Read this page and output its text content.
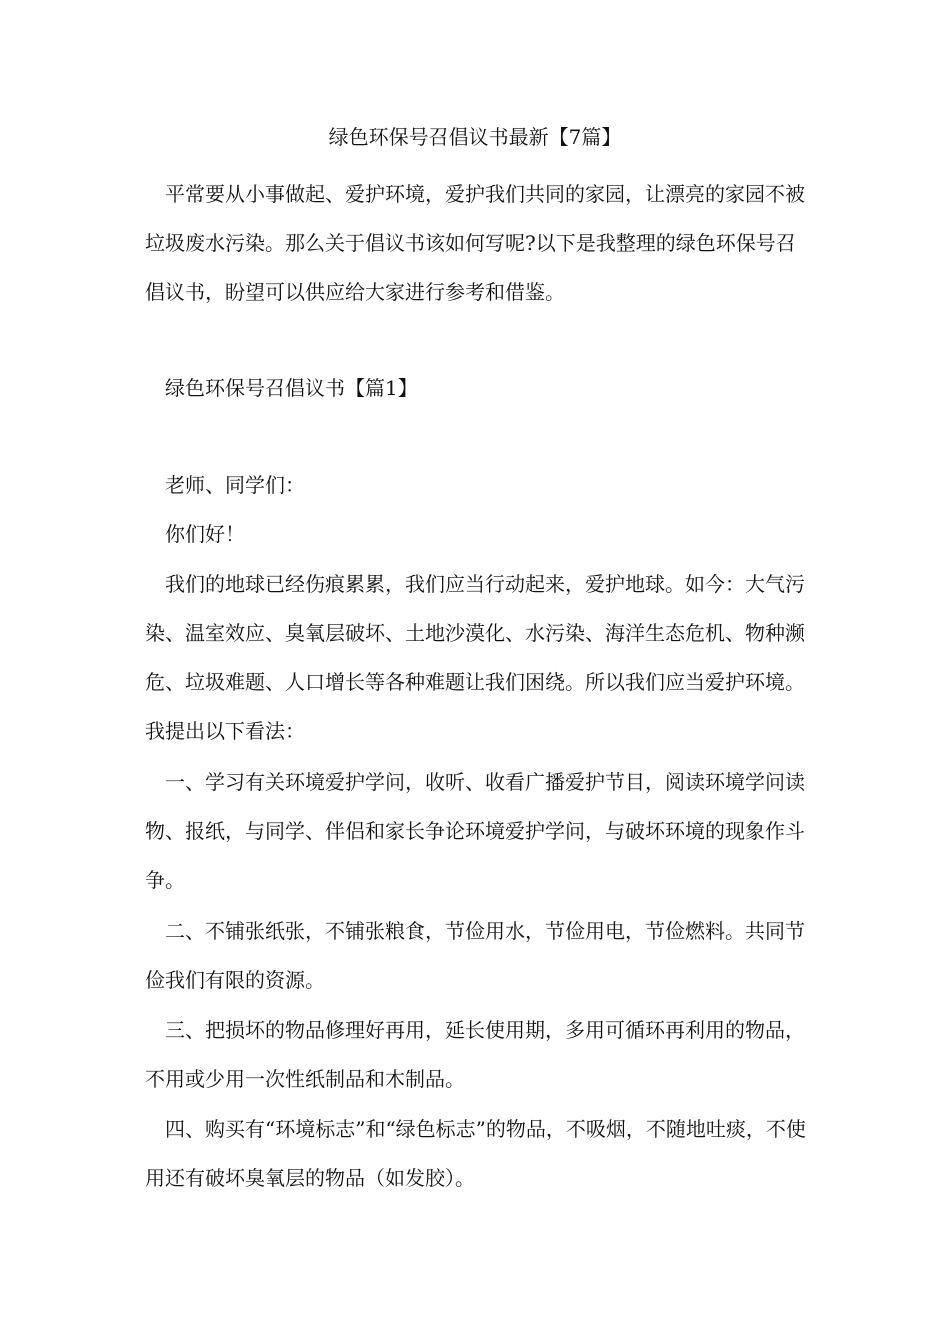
绿色环保号召倡议书最新【7篇】

平常要从小事做起、爱护环境，爱护我们共同的家园，让漂亮的家园不被垃圾废水污染。那么关于倡议书该如何写呢?以下是我整理的绿色环保号召倡议书，盼望可以供应给大家进行参考和借鉴。

绿色环保号召倡议书【篇1】

老师、同学们：

你们好！

我们的地球已经伤痕累累，我们应当行动起来，爱护地球。如今：大气污染、温室效应、臭氧层破坏、土地沙漠化、水污染、海洋生态危机、物种濒危、垃圾难题、人口增长等各种难题让我们困绕。所以我们应当爱护环境。我提出以下看法：

一、学习有关环境爱护学问，收听、收看广播爱护节目，阅读环境学问读物、报纸，与同学、伴侣和家长争论环境爱护学问，与破坏环境的现象作斗争。

二、不铺张纸张，不铺张粮食，节俭用水，节俭用电，节俭燃料。共同节俭我们有限的资源。

三、把损坏的物品修理好再用，延长使用期，多用可循环再利用的物品，不用或少用一次性纸制品和木制品。

四、购买有“环境标志”和“绿色标志”的物品，不吸烟，不随地吐痰，不使用还有破坏臭氧层的物品（如发胶）。
